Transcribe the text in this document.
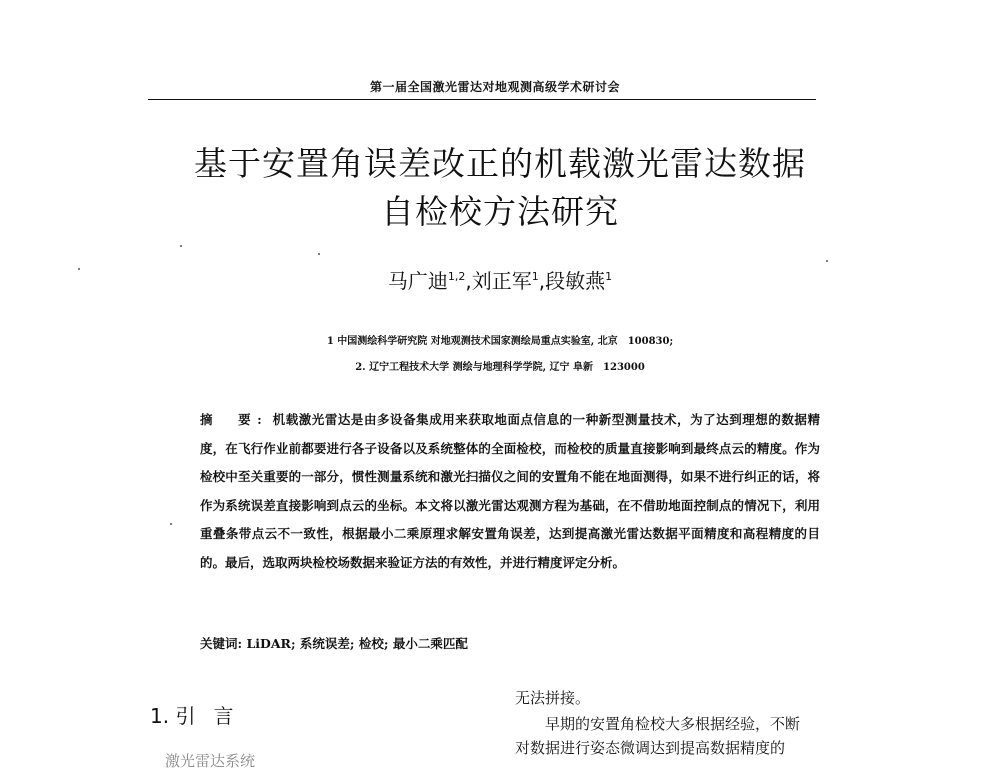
第一届全国激光雷达对地观测高级学术研讨会
基于安置角误差改正的机载激光雷达数据
自检校方法研究
马广迪$^{1,2}$,刘正军$^1$,段敏燕$^1$
1 中国测绘科学研究院 对地观测技术国家测绘局重点实验室, 北京　100830;
2. 辽宁工程技术大学 测绘与地理科学学院, 辽宁 阜新　123000

摘　要: 机载激光雷达是由多设备集成用来获取地面点信息的一种新型测量技术，为了达到理想的数据精度，在飞行作业前都要进行各子设备以及系统整体的全面检校，而检校的质量直接影响到最终点云的精度。作为检校中至关重要的一部分，惯性测量系统和激光扫描仪之间的安置角不能在地面测得，如果不进行纠正的话，将作为系统误差直接影响到点云的坐标。本文将以激光雷达观测方程为基础，在不借助地面控制点的情况下，利用重叠条带点云不一致性，根据最小二乘原理求解安置角误差，达到提高激光雷达数据平面精度和高程精度的目的。最后，选取两块检校场数据来验证方法的有效性，并进行精度评定分析。

关键词: LiDAR; 系统误差; 检校; 最小二乘匹配
1. 引 言
无法拼接。
早期的安置角检校大多根据经验，不断
对数据进行姿态微调达到提高数据精度的
激光雷达系统
